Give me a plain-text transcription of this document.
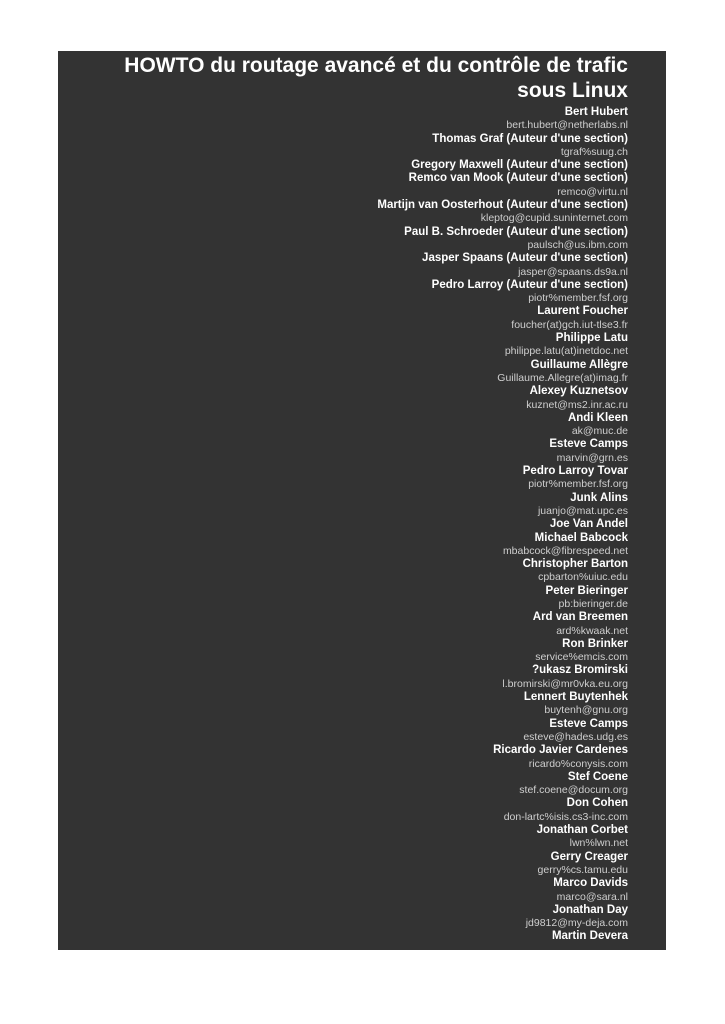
HOWTO du routage avancé et du contrôle de trafic sous Linux
Bert Hubert
bert.hubert@netherlabs.nl
Thomas Graf (Auteur d'une section)
tgraf%suug.ch
Gregory Maxwell (Auteur d'une section)
Remco van Mook (Auteur d'une section)
remco@virtu.nl
Martijn van Oosterhout (Auteur d'une section)
kleptog@cupid.suninternet.com
Paul B. Schroeder (Auteur d'une section)
paulsch@us.ibm.com
Jasper Spaans (Auteur d'une section)
jasper@spaans.ds9a.nl
Pedro Larroy (Auteur d'une section)
piotr%member.fsf.org
Laurent Foucher
foucher(at)gch.iut-tlse3.fr
Philippe Latu
philippe.latu(at)inetdoc.net
Guillaume Allègre
Guillaume.Allegre(at)imag.fr
Alexey Kuznetsov
kuznet@ms2.inr.ac.ru
Andi Kleen
ak@muc.de
Esteve Camps
marvin@grn.es
Pedro Larroy Tovar
piotr%member.fsf.org
Junk Alins
juanjo@mat.upc.es
Joe Van Andel
Michael Babcock
mbabcock@fibrespeed.net
Christopher Barton
cpbarton%uiuc.edu
Peter Bieringer
pb:bieringer.de
Ard van Breemen
ard%kwaak.net
Ron Brinker
service%emcis.com
?ukasz Bromirski
l.bromirski@mr0vka.eu.org
Lennert Buytenhek
buytenh@gnu.org
Esteve Camps
esteve@hades.udg.es
Ricardo Javier Cardenes
ricardo%conysis.com
Stef Coene
stef.coene@docum.org
Don Cohen
don-lartc%isis.cs3-inc.com
Jonathan Corbet
lwn%lwn.net
Gerry Creager
gerry%cs.tamu.edu
Marco Davids
marco@sara.nl
Jonathan Day
jd9812@my-deja.com
Martin Devera
